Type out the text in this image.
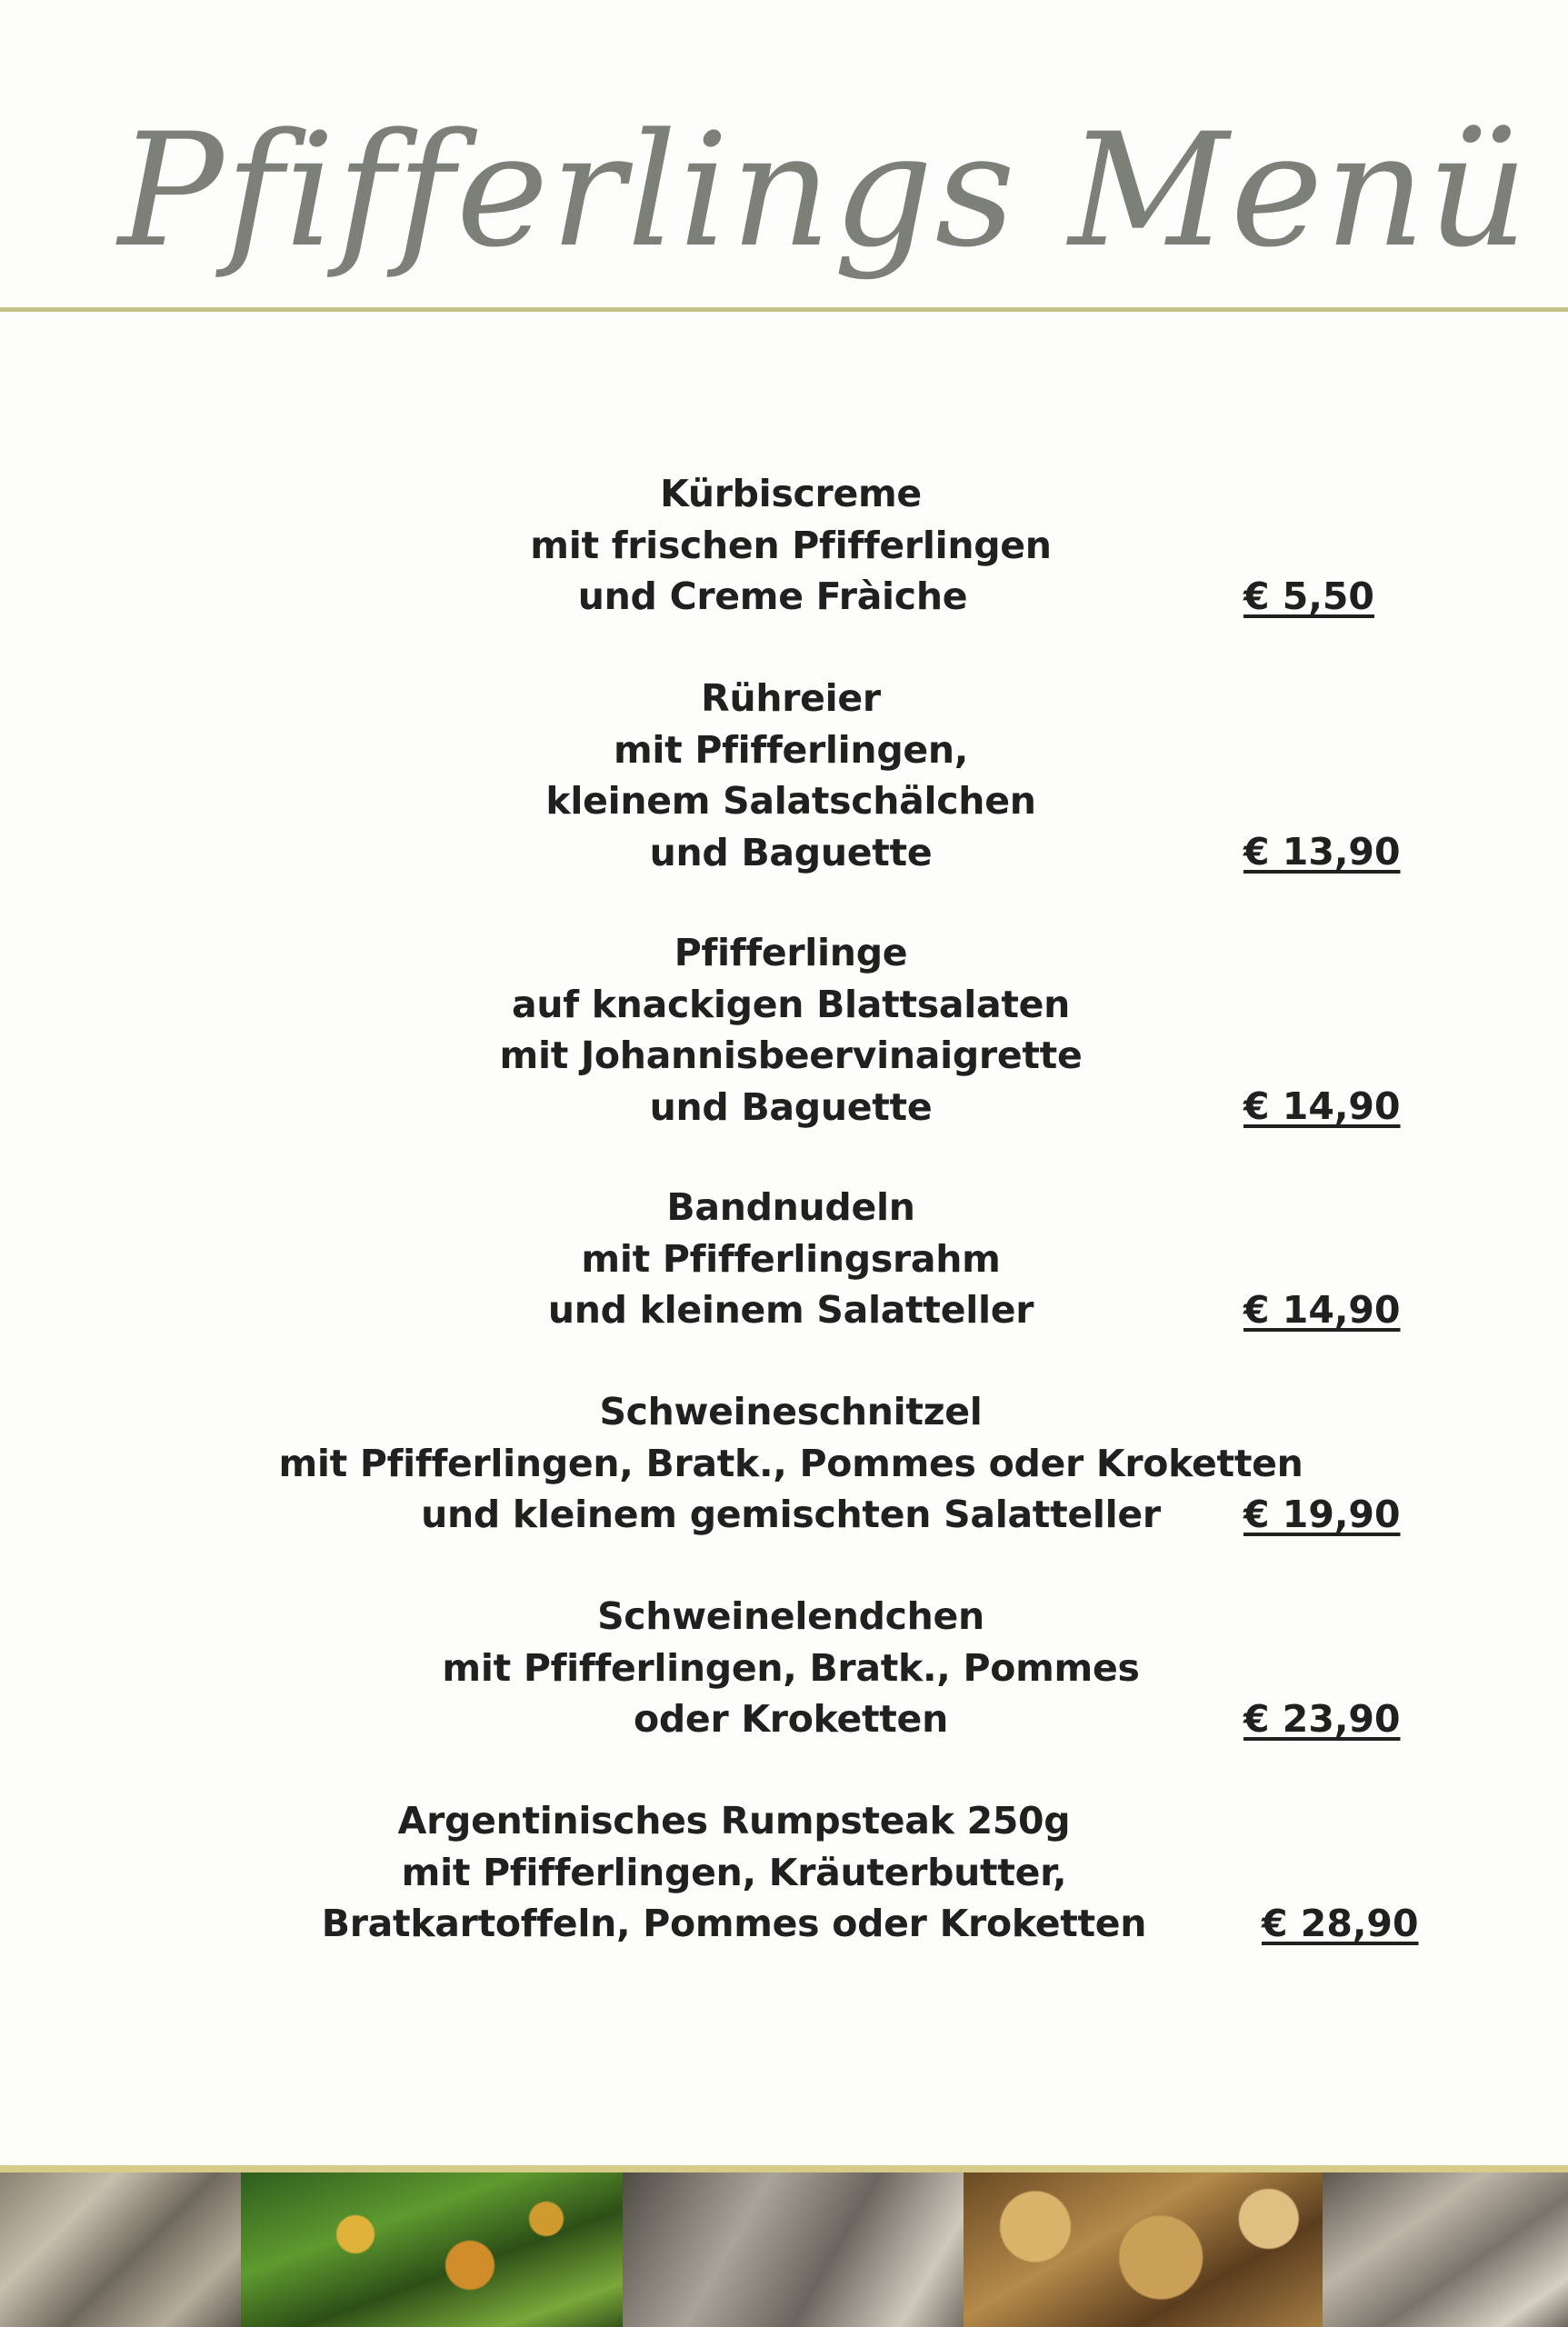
Pfifferlings Menü
Kürbiscreme
mit frischen Pfifferlingen
und Creme Fràiche	€ 5,50
Rühreier
mit Pfifferlingen,
kleinem Salatschälchen
und Baguette	€ 13,90
Pfifferlinge
auf knackigen Blattsalaten
mit Johannisbeervinaigrette
und Baguette	€ 14,90
Bandnudeln
mit Pfifferlingsrahm
und kleinem Salatteller	€ 14,90
Schweineschnitzel
mit Pfifferlingen, Bratk., Pommes oder Kroketten
und kleinem gemischten Salatteller	€ 19,90
Schweinelendchen
mit Pfifferlingen, Bratk., Pommes
oder Kroketten	€ 23,90
Argentinisches Rumpsteak 250g
mit Pfifferlingen, Kräuterbutter,
Bratkartoffeln, Pommes oder Kroketten	€ 28,90
